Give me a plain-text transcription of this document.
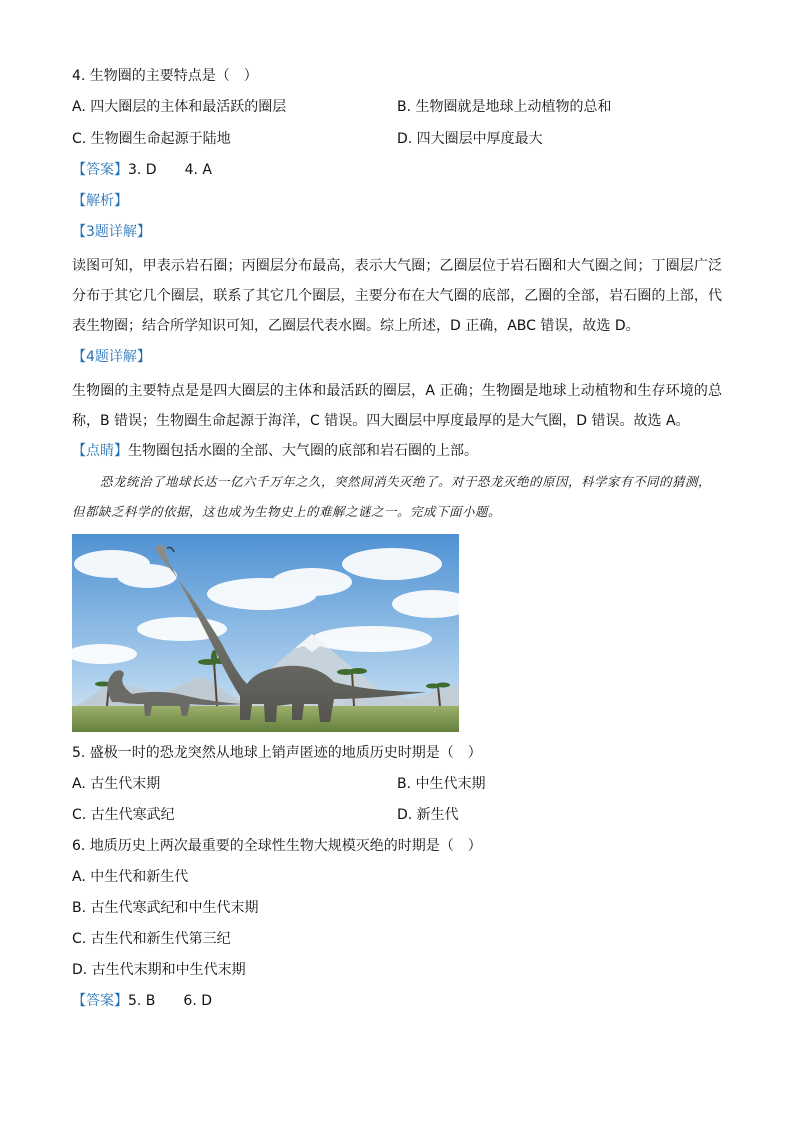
4. 生物圈的主要特点是（　）
A. 四大圈层的主体和最活跃的圈层	B. 生物圈就是地球上动植物的总和
C. 生物圈生命起源于陆地	D. 四大圈层中厚度最大
【答案】3. D　　4. A
【解析】
【3题详解】
读图可知，甲表示岩石圈；丙圈层分布最高，表示大气圈；乙圈层位于岩石圈和大气圈之间；丁圈层广泛分布于其它几个圈层，联系了其它几个圈层，主要分布在大气圈的底部，乙圈的全部，岩石圈的上部，代表生物圈；结合所学知识可知，乙圈层代表水圈。综上所述，D 正确，ABC 错误，故选 D。
【4题详解】
生物圈的主要特点是是四大圈层的主体和最活跃的圈层，A 正确；生物圈是地球上动植物和生存环境的总称，B 错误；生物圈生命起源于海洋，C 错误。四大圈层中厚度最厚的是大气圈，D 错误。故选 A。
【点睛】生物圈包括水圈的全部、大气圈的底部和岩石圈的上部。
恐龙统治了地球长达一亿六千万年之久，突然间消失灭绝了。对于恐龙灭绝的原因，科学家有不同的猜测，但都缺乏科学的依据，这也成为生物史上的难解之谜之一。完成下面小题。
5. 盛极一时的恐龙突然从地球上销声匿迹的地质历史时期是（　）
A. 古生代末期	B. 中生代末期
C. 古生代寒武纪	D. 新生代
6. 地质历史上两次最重要的全球性生物大规模灭绝的时期是（　）
A. 中生代和新生代
B. 古生代寒武纪和中生代末期
C. 古生代和新生代第三纪
D. 古生代末期和中生代末期
【答案】5. B　　6. D
